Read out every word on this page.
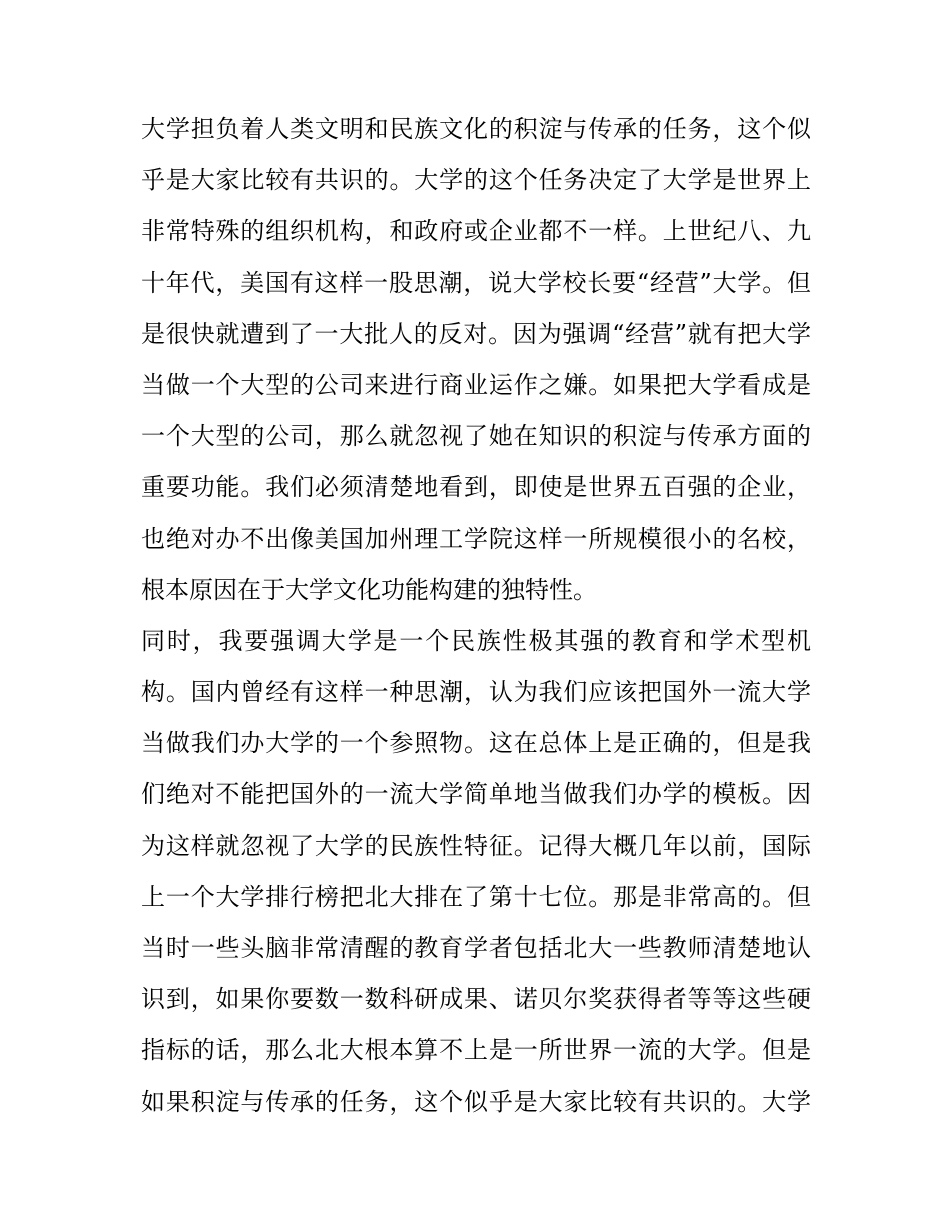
大学担负着人类文明和民族文化的积淀与传承的任务，这个似
乎是大家比较有共识的。大学的这个任务决定了大学是世界上
非常特殊的组织机构，和政府或企业都不一样。上世纪八、九
十年代，美国有这样一股思潮，说大学校长要“经营”大学。但
是很快就遭到了一大批人的反对。因为强调“经营”就有把大学
当做一个大型的公司来进行商业运作之嫌。如果把大学看成是
一个大型的公司，那么就忽视了她在知识的积淀与传承方面的
重要功能。我们必须清楚地看到，即使是世界五百强的企业，
也绝对办不出像美国加州理工学院这样一所规模很小的名校，
根本原因在于大学文化功能构建的独特性。
同时，我要强调大学是一个民族性极其强的教育和学术型机
构。国内曾经有这样一种思潮，认为我们应该把国外一流大学
当做我们办大学的一个参照物。这在总体上是正确的，但是我
们绝对不能把国外的一流大学简单地当做我们办学的模板。因
为这样就忽视了大学的民族性特征。记得大概几年以前，国际
上一个大学排行榜把北大排在了第十七位。那是非常高的。但
当时一些头脑非常清醒的教育学者包括北大一些教师清楚地认
识到，如果你要数一数科研成果、诺贝尔奖获得者等等这些硬
指标的话，那么北大根本算不上是一所世界一流的大学。但是
如果积淀与传承的任务，这个似乎是大家比较有共识的。大学
